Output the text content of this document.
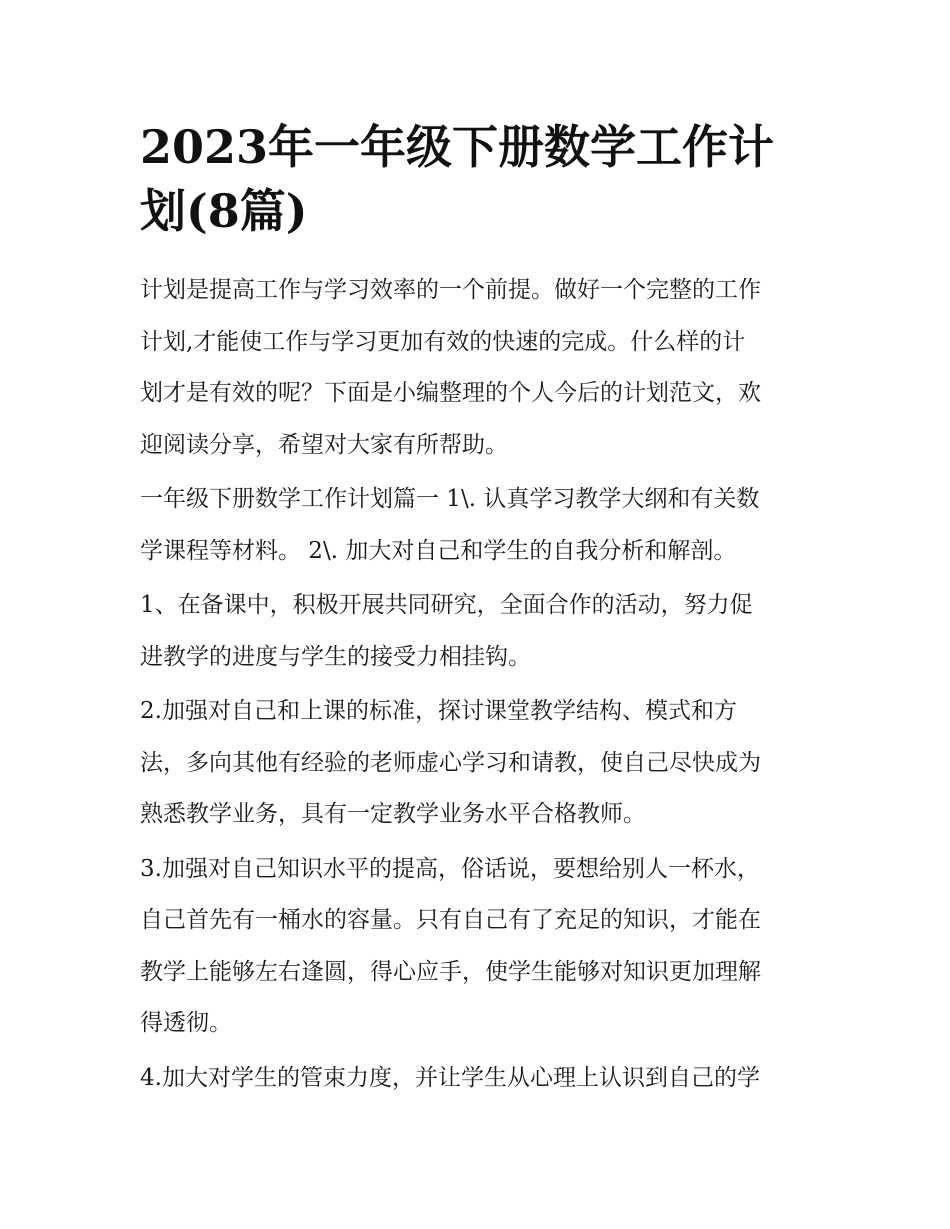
2023年一年级下册数学工作计
划(8篇)

计划是提高工作与学习效率的一个前提。做好一个完整的工作
计划,才能使工作与学习更加有效的快速的完成。什么样的计
划才是有效的呢？下面是小编整理的个人今后的计划范文，欢
迎阅读分享，希望对大家有所帮助。

一年级下册数学工作计划篇一 1\. 认真学习教学大纲和有关数
学课程等材料。 2\. 加大对自己和学生的自我分析和解剖。

1、在备课中，积极开展共同研究，全面合作的活动，努力促
进教学的进度与学生的接受力相挂钩。

2.加强对自己和上课的标准，探讨课堂教学结构、模式和方
法，多向其他有经验的老师虚心学习和请教，使自己尽快成为
熟悉教学业务，具有一定教学业务水平合格教师。

3.加强对自己知识水平的提高，俗话说，要想给别人一杯水，
自己首先有一桶水的容量。只有自己有了充足的知识，才能在
教学上能够左右逢圆，得心应手，使学生能够对知识更加理解
得透彻。

4.加大对学生的管束力度，并让学生从心理上认识到自己的学
